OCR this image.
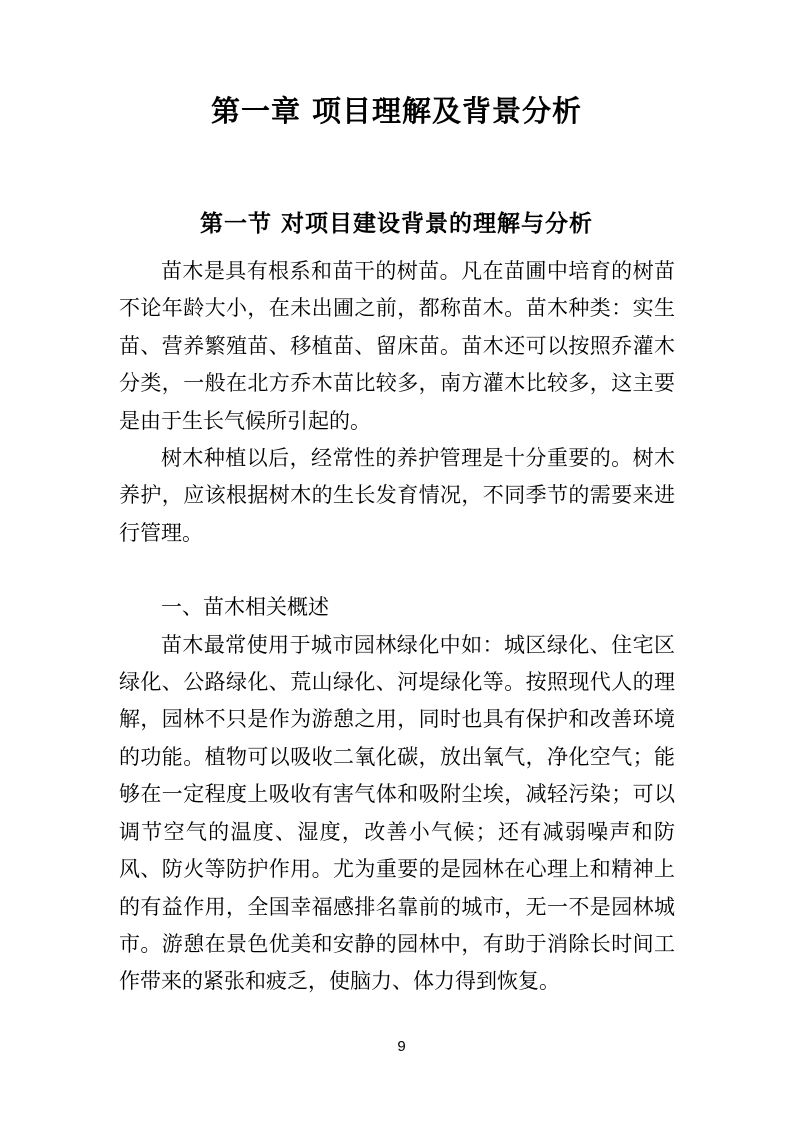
第一章 项目理解及背景分析
第一节 对项目建设背景的理解与分析

苗木是具有根系和苗干的树苗。凡在苗圃中培育的树苗不论年龄大小，在未出圃之前，都称苗木。苗木种类：实生苗、营养繁殖苗、移植苗、留床苗。苗木还可以按照乔灌木分类，一般在北方乔木苗比较多，南方灌木比较多，这主要是由于生长气候所引起的。

树木种植以后，经常性的养护管理是十分重要的。树木养护，应该根据树木的生长发育情况，不同季节的需要来进行管理。

一、苗木相关概述

苗木最常使用于城市园林绿化中如：城区绿化、住宅区绿化、公路绿化、荒山绿化、河堤绿化等。按照现代人的理解，园林不只是作为游憩之用，同时也具有保护和改善环境的功能。植物可以吸收二氧化碳，放出氧气，净化空气；能够在一定程度上吸收有害气体和吸附尘埃，减轻污染；可以调节空气的温度、湿度，改善小气候；还有减弱噪声和防风、防火等防护作用。尤为重要的是园林在心理上和精神上的有益作用，全国幸福感排名靠前的城市，无一不是园林城市。游憩在景色优美和安静的园林中，有助于消除长时间工作带来的紧张和疲乏，使脑力、体力得到恢复。

9
